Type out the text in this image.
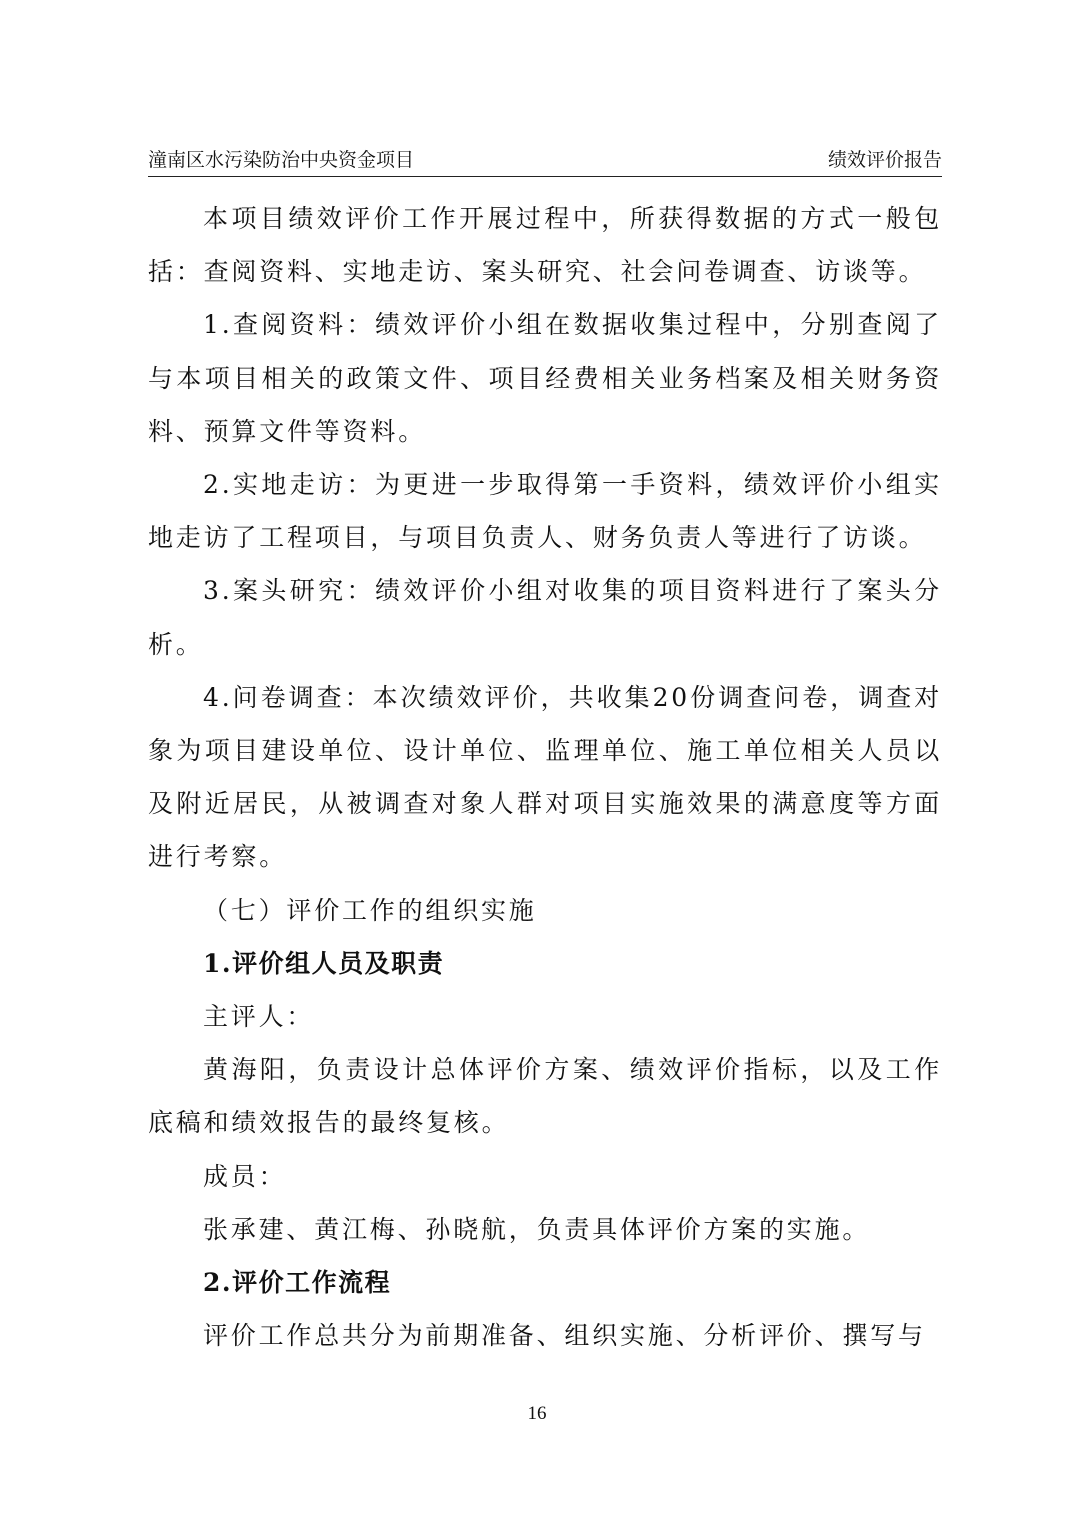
潼南区水污染防治中央资金项目	绩效评价报告

本项目绩效评价工作开展过程中，所获得数据的方式一般包括：查阅资料、实地走访、案头研究、社会问卷调查、访谈等。

1.查阅资料：绩效评价小组在数据收集过程中，分别查阅了与本项目相关的政策文件、项目经费相关业务档案及相关财务资料、预算文件等资料。

2.实地走访：为更进一步取得第一手资料，绩效评价小组实地走访了工程项目，与项目负责人、财务负责人等进行了访谈。

3.案头研究：绩效评价小组对收集的项目资料进行了案头分析。

4.问卷调查：本次绩效评价，共收集20份调查问卷，调查对象为项目建设单位、设计单位、监理单位、施工单位相关人员以及附近居民，从被调查对象人群对项目实施效果的满意度等方面进行考察。

（七）评价工作的组织实施

1.评价组人员及职责

主评人：

黄海阳，负责设计总体评价方案、绩效评价指标，以及工作底稿和绩效报告的最终复核。

成员：

张承建、黄江梅、孙晓航，负责具体评价方案的实施。

2.评价工作流程

评价工作总共分为前期准备、组织实施、分析评价、撰写与

16
